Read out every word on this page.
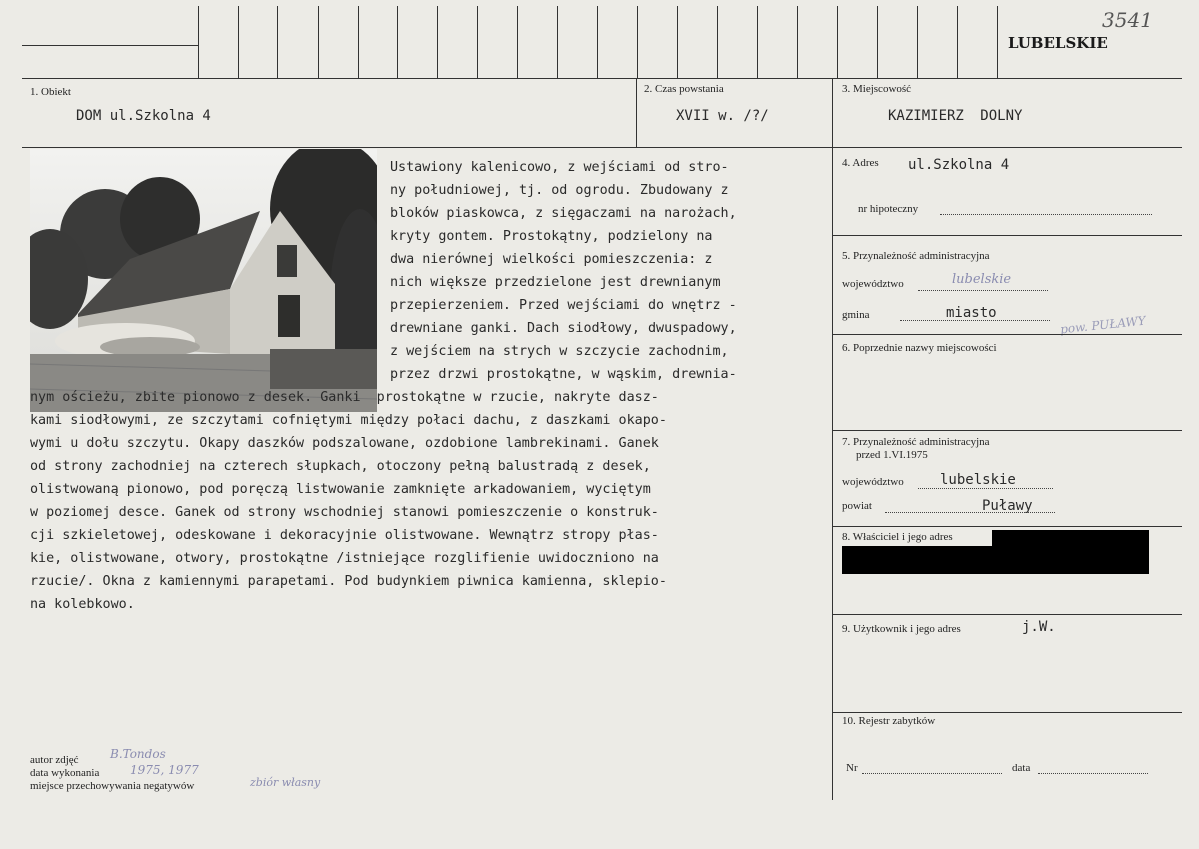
LUBELSKIE
3541
1. Obiekt
DOM ul.Szkolna 4
2. Czas powstania
XVII w. /?/
3. Miejscowość
KAZIMIERZ DOLNY
Ustawiony kalenicowo, z wejściami od stro-
ny południowej, tj. od ogrodu. Zbudowany z
bloków piaskowca, z sięgaczami na narożach,
kryty gontem. Prostokątny, podzielony na
dwa nierównej wielkości pomieszczenia: z
nich większe przedzielone jest drewnianym
przepierzeniem. Przed wejściami do wnętrz -
drewniane ganki. Dach siodłowy, dwuspadowy,
z wejściem na strych w szczycie zachodnim,
przez drzwi prostokątne, w wąskim, drewnia-
nym ościeżu, zbite pionowo z desek. Ganki  prostokątne w rzucie, nakryte dasz-
kami siodłowymi, ze szczytami cofniętymi między połaci dachu, z daszkami okapo-
wymi u dołu szczytu. Okapy daszków podszalowane, ozdobione lambrekinami. Ganek
od strony zachodniej na czterech słupkach, otoczony pełną balustradą z desek,
olistwowaną pionowo, pod poręczą listwowanie zamknięte arkadowaniem, wyciętym
w poziomej desce. Ganek od strony wschodniej stanowi pomieszczenie o konstruk-
cji szkieletowej, odeskowane i dekoracyjnie olistwowane. Wewnątrz stropy płas-
kie, olistwowane, otwory, prostokątne /istniejące rozglifienie uwidoczniono na
rzucie/. Okna z kamiennymi parapetami. Pod budynkiem piwnica kamienna, sklepio-
na kolebkowo.
4. Adres ul.Szkolna 4
nr hipoteczny
5. Przynależność administracyjna
województwo	lubelskie
gmina	miasto
pow. PUŁAWY
6. Poprzednie nazwy miejscowości
7. Przynależność administracyjna
przed 1.VI.1975
województwo	lubelskie
powiat	Puławy
8. Właściciel i jego adres
9. Użytkownik i jego adres	j.W.
10. Rejestr zabytków
Nr	data
autor zdjęć	B.Tondos
data wykonania	1975, 1977
miejsce przechowywania negatywów	zbiór własny
